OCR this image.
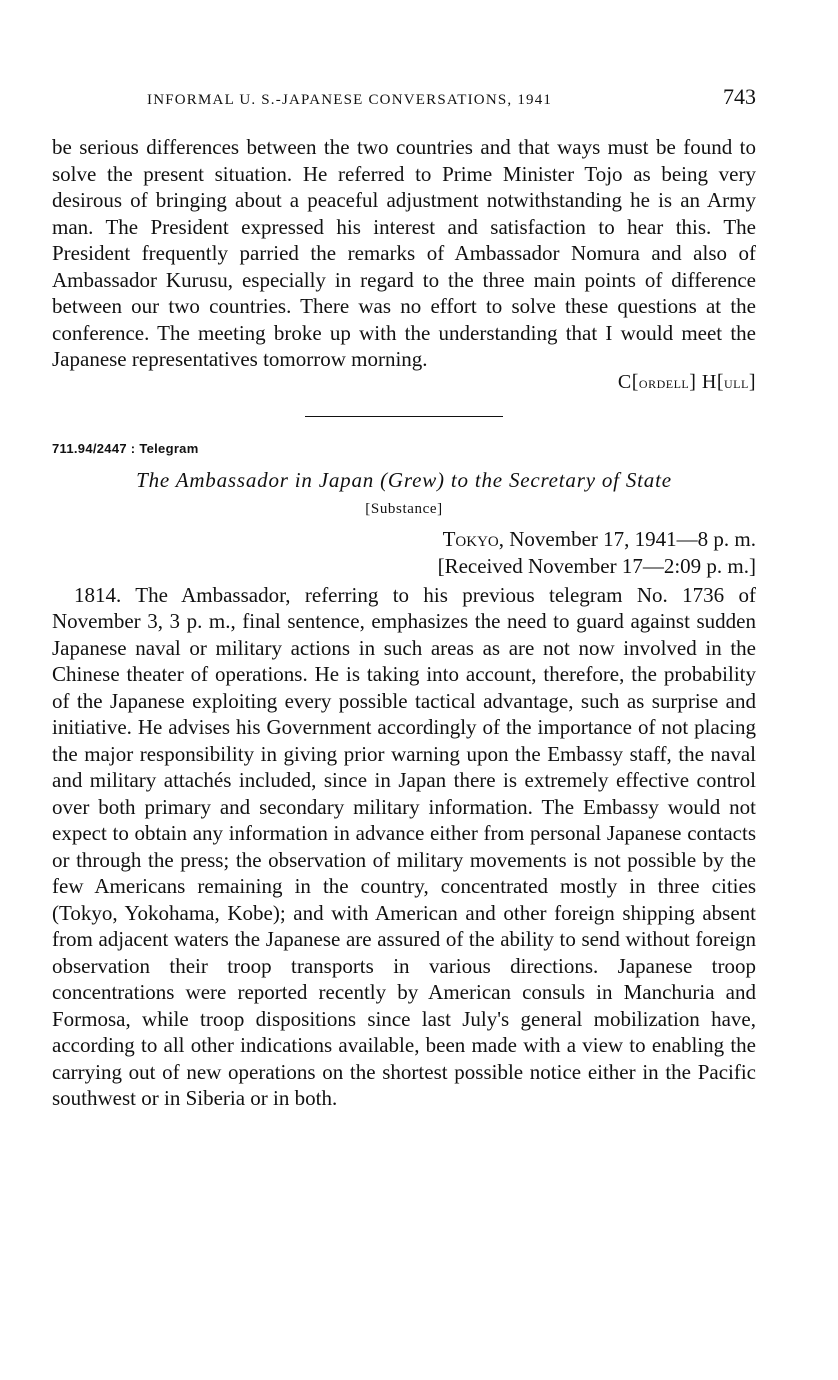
INFORMAL U. S.-JAPANESE CONVERSATIONS, 1941	743

be serious differences between the two countries and that ways must be found to solve the present situation. He referred to Prime Minister Tojo as being very desirous of bringing about a peaceful adjustment notwithstanding he is an Army man. The President expressed his interest and satisfaction to hear this. The President frequently parried the remarks of Ambassador Nomura and also of Ambassador Kurusu, especially in regard to the three main points of difference between our two countries. There was no effort to solve these questions at the conference. The meeting broke up with the understanding that I would meet the Japanese representatives tomorrow morning.

C[ordell] H[ull]
711.94/2447 : Telegram
The Ambassador in Japan (Grew) to the Secretary of State
[Substance]
Tokyo, November 17, 1941—8 p. m.
[Received November 17—2:09 p. m.]

1814. The Ambassador, referring to his previous telegram No. 1736 of November 3, 3 p. m., final sentence, emphasizes the need to guard against sudden Japanese naval or military actions in such areas as are not now involved in the Chinese theater of operations. He is taking into account, therefore, the probability of the Japanese exploiting every possible tactical advantage, such as surprise and initiative. He advises his Government accordingly of the importance of not placing the major responsibility in giving prior warning upon the Embassy staff, the naval and military attachés included, since in Japan there is extremely effective control over both primary and secondary military information. The Embassy would not expect to obtain any information in advance either from personal Japanese contacts or through the press; the observation of military movements is not possible by the few Americans remaining in the country, concentrated mostly in three cities (Tokyo, Yokohama, Kobe); and with American and other foreign shipping absent from adjacent waters the Japanese are assured of the ability to send without foreign observation their troop transports in various directions. Japanese troop concentrations were reported recently by American consuls in Manchuria and Formosa, while troop dispositions since last July's general mobilization have, according to all other indications available, been made with a view to enabling the carrying out of new operations on the shortest possible notice either in the Pacific southwest or in Siberia or in both.
